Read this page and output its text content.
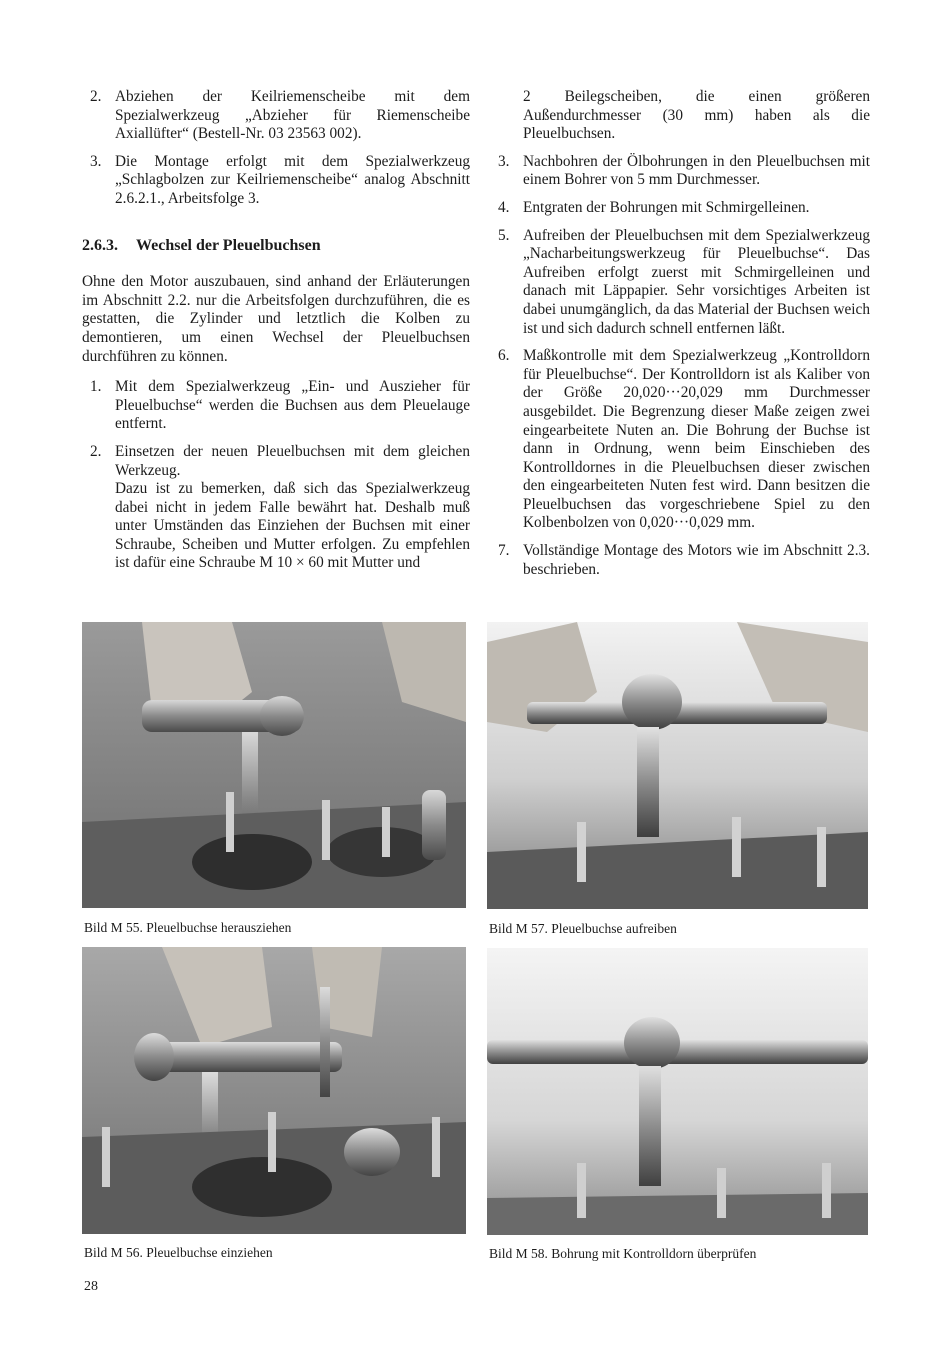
2. Abziehen der Keilriemenscheibe mit dem Spezialwerkzeug „Abzieher für Riemenscheibe Axiallüfter“ (Bestell-Nr. 03 23563 002).

3. Die Montage erfolgt mit dem Spezialwerkzeug „Schlagbolzen zur Keilriemenscheibe“ analog Abschnitt 2.6.2.1., Arbeitsfolge 3.

2.6.3. Wechsel der Pleuelbuchsen

Ohne den Motor auszubauen, sind anhand der Erläuterungen im Abschnitt 2.2. nur die Arbeitsfolgen durchzuführen, die es gestatten, die Zylinder und letztlich die Kolben zu demontieren, um einen Wechsel der Pleuelbuchsen durchführen zu können.

1. Mit dem Spezialwerkzeug „Ein- und Auszieher für Pleuelbuchse“ werden die Buchsen aus dem Pleuelauge entfernt.

2. Einsetzen der neuen Pleuelbuchsen mit dem gleichen Werkzeug.

Dazu ist zu bemerken, daß sich das Spezialwerkzeug dabei nicht in jedem Falle bewährt hat. Deshalb muß unter Umständen das Einziehen der Buchsen mit einer Schraube, Scheiben und Mutter erfolgen. Zu empfehlen ist dafür eine Schraube M 10 × 60 mit Mutter und

2 Beilegscheiben, die einen größeren Außendurchmesser (30 mm) haben als die Pleuelbuchsen.

3. Nachbohren der Ölbohrungen in den Pleuelbuchsen mit einem Bohrer von 5 mm Durchmesser.

4. Entgraten der Bohrungen mit Schmirgelleinen.

5. Aufreiben der Pleuelbuchsen mit dem Spezialwerkzeug „Nacharbeitungswerkzeug für Pleuelbuchse“. Das Aufreiben erfolgt zuerst mit Schmirgelleinen und danach mit Läppapier. Sehr vorsichtiges Arbeiten ist dabei unumgänglich, da das Material der Buchsen weich ist und sich dadurch schnell entfernen läßt.

6. Maßkontrolle mit dem Spezialwerkzeug „Kontrolldorn für Pleuelbuchse“. Der Kontrolldorn ist als Kaliber von der Größe 20,020···20,029 mm Durchmesser ausgebildet. Die Begrenzung dieser Maße zeigen zwei eingearbeitete Nuten an. Die Bohrung der Buchse ist dann in Ordnung, wenn beim Einschieben des Kontrolldornes in die Pleuelbuchsen dieser zwischen den eingearbeiteten Nuten fest wird. Dann besitzen die Pleuelbuchsen das vorgeschriebene Spiel zu den Kolbenbolzen von 0,020···0,029 mm.

7. Vollständige Montage des Motors wie im Abschnitt 2.3. beschrieben.

Bild M 55. Pleuelbuchse herausziehen	Bild M 57. Pleuelbuchse aufreiben
Bild M 56. Pleuelbuchse einziehen	Bild M 58. Bohrung mit Kontrolldorn überprüfen
28
